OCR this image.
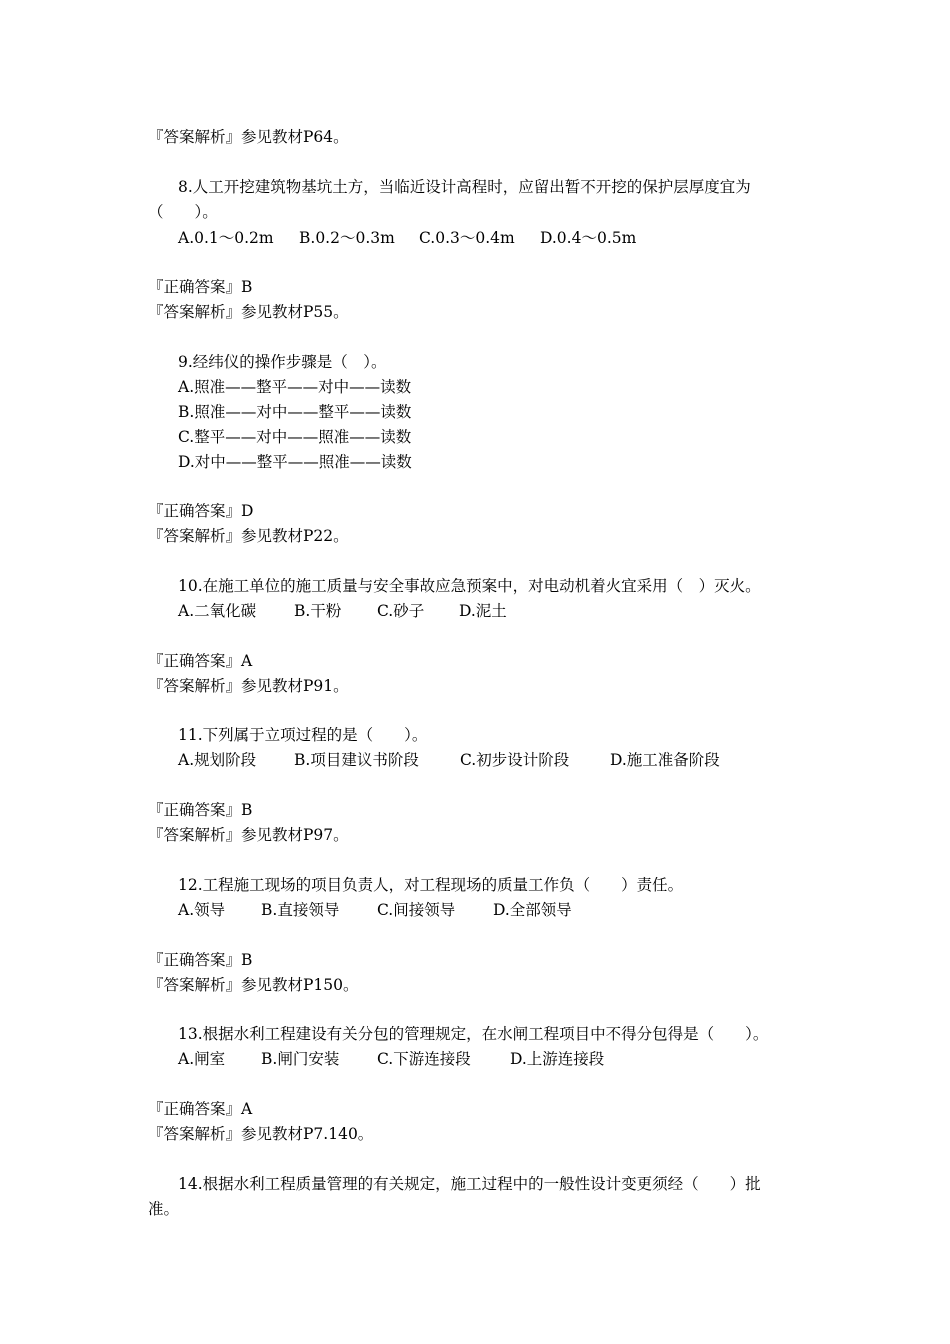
『答案解析』参见教材P64。

8.人工开挖建筑物基坑土方，当临近设计高程时，应留出暂不开挖的保护层厚度宜为

（　　）。

A.0.1～0.2m B.0.2～0.3m C.0.3～0.4m D.0.4～0.5m

『正确答案』B

『答案解析』参见教材P55。

9.经纬仪的操作步骤是（　）。

A.照准——整平——对中——读数

B.照准——对中——整平——读数

C.整平——对中——照准——读数

D.对中——整平——照准——读数

『正确答案』D

『答案解析』参见教材P22。

10.在施工单位的施工质量与安全事故应急预案中，对电动机着火宜采用（　）灭火。

A.二氧化碳 B.干粉 C.砂子 D.泥土

『正确答案』A

『答案解析』参见教材P91。

11.下列属于立项过程的是（　　）。

A.规划阶段 B.项目建议书阶段	C.初步设计阶段	D.施工准备阶段

『正确答案』B

『答案解析』参见教材P97。

12.工程施工现场的项目负责人，对工程现场的质量工作负（　　）责任。

A.领导 B.直接领导 C.间接领导 D.全部领导

『正确答案』B

『答案解析』参见教材P150。

13.根据水利工程建设有关分包的管理规定，在水闸工程项目中不得分包得是（　　）。

A.闸室 B.闸门安装 C.下游连接段	D.上游连接段

『正确答案』A

『答案解析』参见教材P7.140。

14.根据水利工程质量管理的有关规定，施工过程中的一般性设计变更须经（　　）批

准。
